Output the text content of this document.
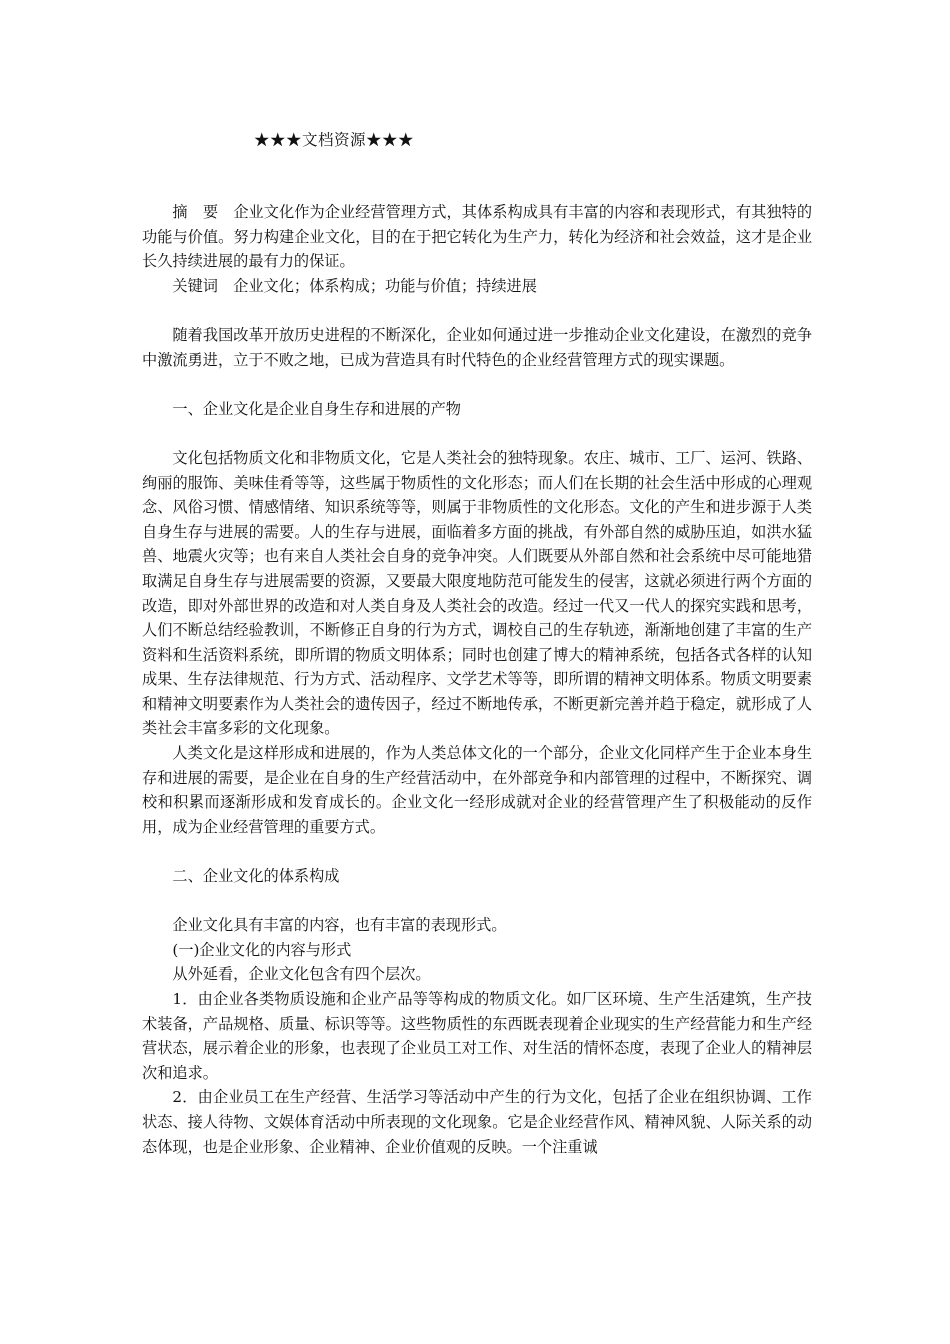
★★★文档资源★★★

摘 要 企业文化作为企业经营管理方式，其体系构成具有丰富的内容和表现形式，有其独特的功能与价值。努力构建企业文化，目的在于把它转化为生产力，转化为经济和社会效益，这才是企业长久持续进展的最有力的保证。

关键词 企业文化；体系构成；功能与价值；持续进展

随着我国改革开放历史进程的不断深化，企业如何通过进一步推动企业文化建设，在激烈的竞争中激流勇进，立于不败之地，已成为营造具有时代特色的企业经营管理方式的现实课题。

一、企业文化是企业自身生存和进展的产物

文化包括物质文化和非物质文化，它是人类社会的独特现象。农庄、城市、工厂、运河、铁路、绚丽的服饰、美味佳肴等等，这些属于物质性的文化形态；而人们在长期的社会生活中形成的心理观念、风俗习惯、情感情绪、知识系统等等，则属于非物质性的文化形态。文化的产生和进步源于人类自身生存与进展的需要。人的生存与进展，面临着多方面的挑战，有外部自然的威胁压迫，如洪水猛兽、地震火灾等；也有来自人类社会自身的竞争冲突。人们既要从外部自然和社会系统中尽可能地猎取满足自身生存与进展需要的资源，又要最大限度地防范可能发生的侵害，这就必须进行两个方面的改造，即对外部世界的改造和对人类自身及人类社会的改造。经过一代又一代人的探究实践和思考，人们不断总结经验教训，不断修正自身的行为方式，调校自己的生存轨迹，渐渐地创建了丰富的生产资料和生活资料系统，即所谓的物质文明体系；同时也创建了博大的精神系统，包括各式各样的认知成果、生存法律规范、行为方式、活动程序、文学艺术等等，即所谓的精神文明体系。物质文明要素和精神文明要素作为人类社会的遗传因子，经过不断地传承，不断更新完善并趋于稳定，就形成了人类社会丰富多彩的文化现象。

人类文化是这样形成和进展的，作为人类总体文化的一个部分，企业文化同样产生于企业本身生存和进展的需要，是企业在自身的生产经营活动中，在外部竞争和内部管理的过程中，不断探究、调校和积累而逐渐形成和发育成长的。企业文化一经形成就对企业的经营管理产生了积极能动的反作用，成为企业经营管理的重要方式。

二、企业文化的体系构成

企业文化具有丰富的内容，也有丰富的表现形式。

(一)企业文化的内容与形式

从外延看，企业文化包含有四个层次。

1．由企业各类物质设施和企业产品等等构成的物质文化。如厂区环境、生产生活建筑，生产技术装备，产品规格、质量、标识等等。这些物质性的东西既表现着企业现实的生产经营能力和生产经营状态，展示着企业的形象，也表现了企业员工对工作、对生活的情怀态度，表现了企业人的精神层次和追求。

2．由企业员工在生产经营、生活学习等活动中产生的行为文化，包括了企业在组织协调、工作状态、接人待物、文娱体育活动中所表现的文化现象。它是企业经营作风、精神风貌、人际关系的动态体现，也是企业形象、企业精神、企业价值观的反映。一个注重诚
